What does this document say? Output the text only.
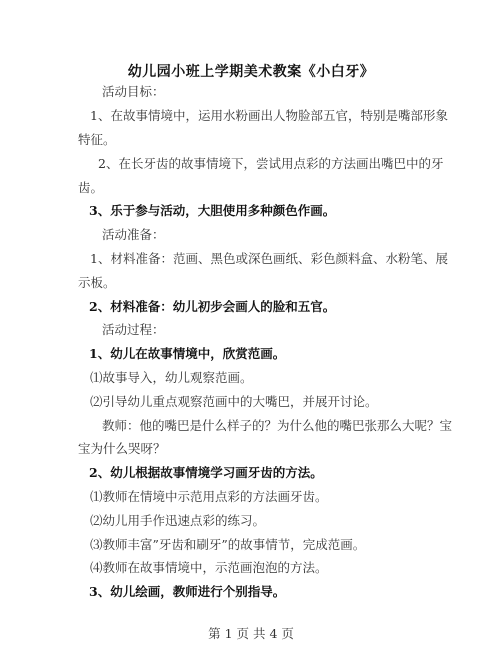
幼儿园小班上学期美术教案《小白牙》
活动目标：
1、在故事情境中，运用水粉画出人物脸部五官，特别是嘴部形象
特征。
2、在长牙齿的故事情境下，尝试用点彩的方法画出嘴巴中的牙
齿。
3、乐于参与活动，大胆使用多种颜色作画。
活动准备：
1、材料准备：范画、黑色或深色画纸、彩色颜料盒、水粉笔、展
示板。
2、材料准备：幼儿初步会画人的脸和五官。
活动过程：
1、幼儿在故事情境中，欣赏范画。
⑴故事导入，幼儿观察范画。
⑵引导幼儿重点观察范画中的大嘴巴，并展开讨论。
教师：他的嘴巴是什么样子的？为什么他的嘴巴张那么大呢？宝
宝为什么哭呀？
2、幼儿根据故事情境学习画牙齿的方法。
⑴教师在情境中示范用点彩的方法画牙齿。
⑵幼儿用手作迅速点彩的练习。
⑶教师丰富”牙齿和刷牙”的故事情节，完成范画。
⑷教师在故事情境中，示范画泡泡的方法。
3、幼儿绘画，教师进行个别指导。
第 1 页 共 4 页
